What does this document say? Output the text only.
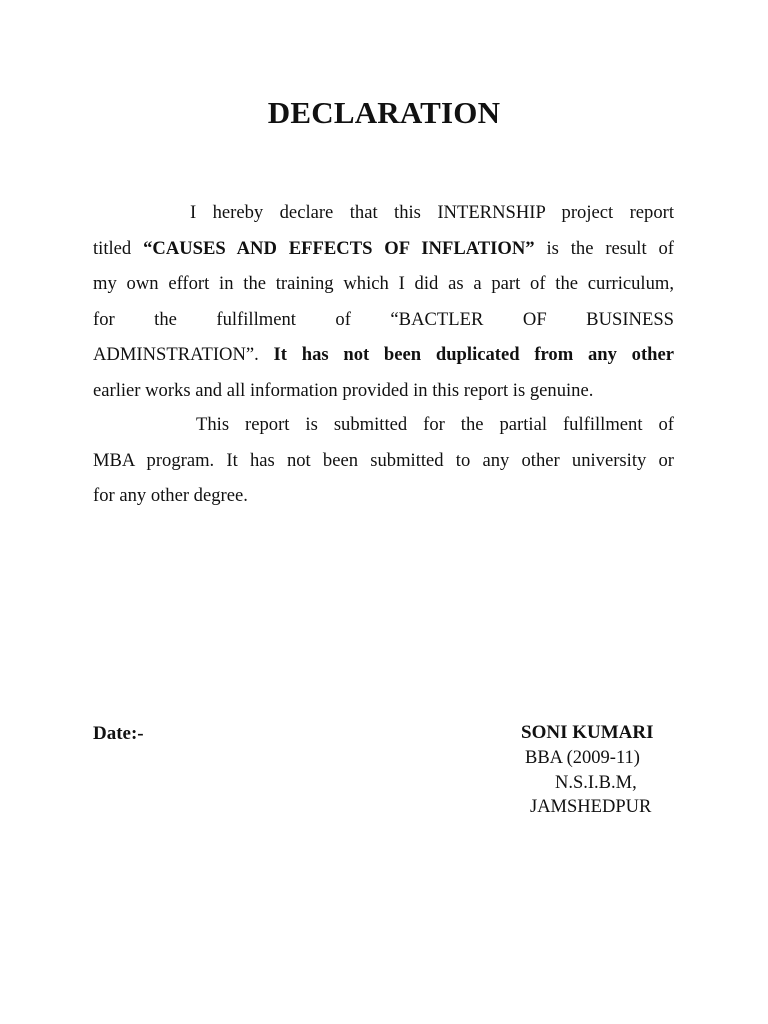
DECLARATION
I hereby declare that this INTERNSHIP project report
titled “CAUSES AND EFFECTS OF INFLATION” is the result of
my own effort in the training which I did as a part of the curriculum,
for the fulfillment of “BACTLER OF BUSINESS
ADMINSTRATION”. It has not been duplicated from any other
earlier works and all information provided in this report is genuine.
This report is submitted for the partial fulfillment of
MBA program. It has not been submitted to any other university or
for any other degree.
Date:-	SONI KUMARI
BBA (2009-11)
N.S.I.B.M,
JAMSHEDPUR
